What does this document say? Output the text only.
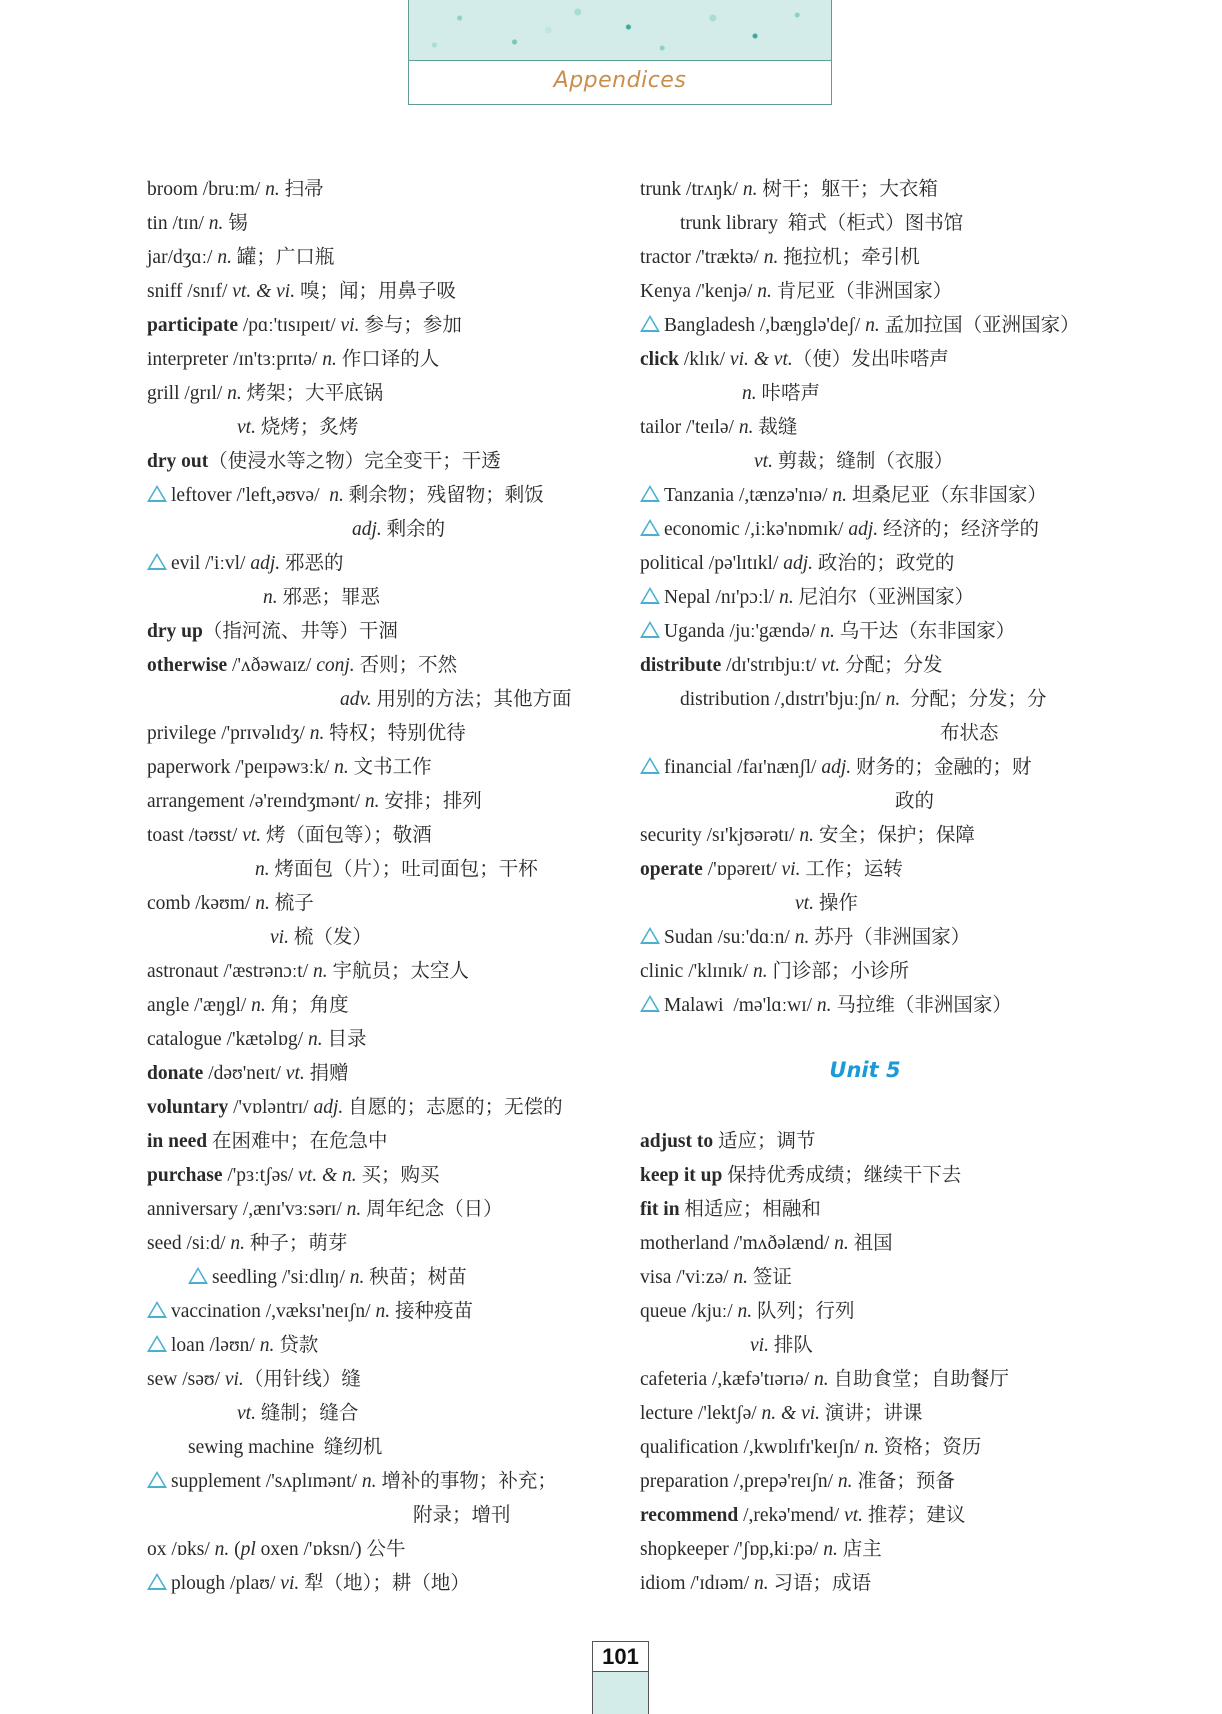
Appendices
broom /bruːm/ n. 扫帚
tin /tɪn/ n. 锡
jar/dʒɑː/ n. 罐；广口瓶
sniff /snɪf/ vt. & vi. 嗅；闻；用鼻子吸
participate /pɑː'tɪsɪpeɪt/ vi. 参与；参加
interpreter /ɪn'tɜːprɪtə/ n. 作口译的人
grill /grɪl/ n. 烤架；大平底锅
vt. 烧烤；炙烤
dry out（使浸水等之物）完全变干；干透
leftover /'left,əʊvə/  n. 剩余物；残留物；剩饭
adj. 剩余的
evil /'iːvl/ adj. 邪恶的
n. 邪恶；罪恶
dry up（指河流、井等）干涸
otherwise /'ʌðəwaɪz/ conj. 否则；不然
adv. 用别的方法；其他方面
privilege /'prɪvəlɪdʒ/ n. 特权；特别优待
paperwork /'peɪpəwɜːk/ n. 文书工作
arrangement /ə'reɪndʒmənt/ n. 安排；排列
toast /təʊst/ vt. 烤（面包等）；敬酒
n. 烤面包（片）；吐司面包；干杯
comb /kəʊm/ n. 梳子
vi. 梳（发）
astronaut /'æstrənɔːt/ n. 宇航员；太空人
angle /'æŋgl/ n. 角；角度
catalogue /'kætəlɒg/ n. 目录
donate /dəʊ'neɪt/ vt. 捐赠
voluntary /'vɒləntrɪ/ adj. 自愿的；志愿的；无偿的
in need 在困难中；在危急中
purchase /'pɜːtʃəs/ vt. & n. 买；购买
anniversary /,ænɪ'vɜːsərɪ/ n. 周年纪念（日）
seed /siːd/ n. 种子；萌芽
seedling /'siːdlɪŋ/ n. 秧苗；树苗
vaccination /,væksɪ'neɪʃn/ n. 接种疫苗
loan /ləʊn/ n. 贷款
sew /səʊ/ vi.（用针线）缝
vt. 缝制；缝合
sewing machine  缝纫机
supplement /'sʌplɪmənt/ n. 增补的事物；补充；
附录；增刊
ox /ɒks/ n. (pl oxen /'ɒksn/) 公牛
plough /plaʊ/ vi. 犁（地）；耕（地）
trunk /trʌŋk/ n. 树干；躯干；大衣箱
trunk library  箱式（柜式）图书馆
tractor /'træktə/ n. 拖拉机；牵引机
Kenya /'kenjə/ n. 肯尼亚（非洲国家）
Bangladesh /,bæŋglə'deʃ/ n. 孟加拉国（亚洲国家）
click /klɪk/ vi. & vt.（使）发出咔嗒声
n. 咔嗒声
tailor /'teɪlə/ n. 裁缝
vt. 剪裁；缝制（衣服）
Tanzania /,tænzə'nɪə/ n. 坦桑尼亚（东非国家）
economic /,iːkə'nɒmɪk/ adj. 经济的；经济学的
political /pə'lɪtɪkl/ adj. 政治的；政党的
Nepal /nɪ'pɔːl/ n. 尼泊尔（亚洲国家）
Uganda /juː'gændə/ n. 乌干达（东非国家）
distribute /dɪ'strɪbjuːt/ vt. 分配；分发
distribution /,dɪstrɪ'bjuːʃn/ n.  分配；分发；分
布状态
financial /faɪ'nænʃl/ adj. 财务的；金融的；财
政的
security /sɪ'kjʊərətɪ/ n. 安全；保护；保障
operate /'ɒpəreɪt/ vi. 工作；运转
vt. 操作
Sudan /suː'dɑːn/ n. 苏丹（非洲国家）
clinic /'klɪnɪk/ n. 门诊部；小诊所
Malawi  /mə'lɑːwɪ/ n. 马拉维（非洲国家）
adjust to 适应；调节
keep it up 保持优秀成绩；继续干下去
fit in 相适应；相融和
motherland /'mʌðəlænd/ n. 祖国
visa /'viːzə/ n. 签证
queue /kjuː/ n. 队列；行列
vi. 排队
cafeteria /,kæfə'tɪərɪə/ n. 自助食堂；自助餐厅
lecture /'lektʃə/ n. & vi. 演讲；讲课
qualification /,kwɒlɪfɪ'keɪʃn/ n. 资格；资历
preparation /,prepə'reɪʃn/ n. 准备；预备
recommend /,rekə'mend/ vt. 推荐；建议
shopkeeper /'ʃɒp,kiːpə/ n. 店主
idiom /'ɪdɪəm/ n. 习语；成语
Unit 5
101
